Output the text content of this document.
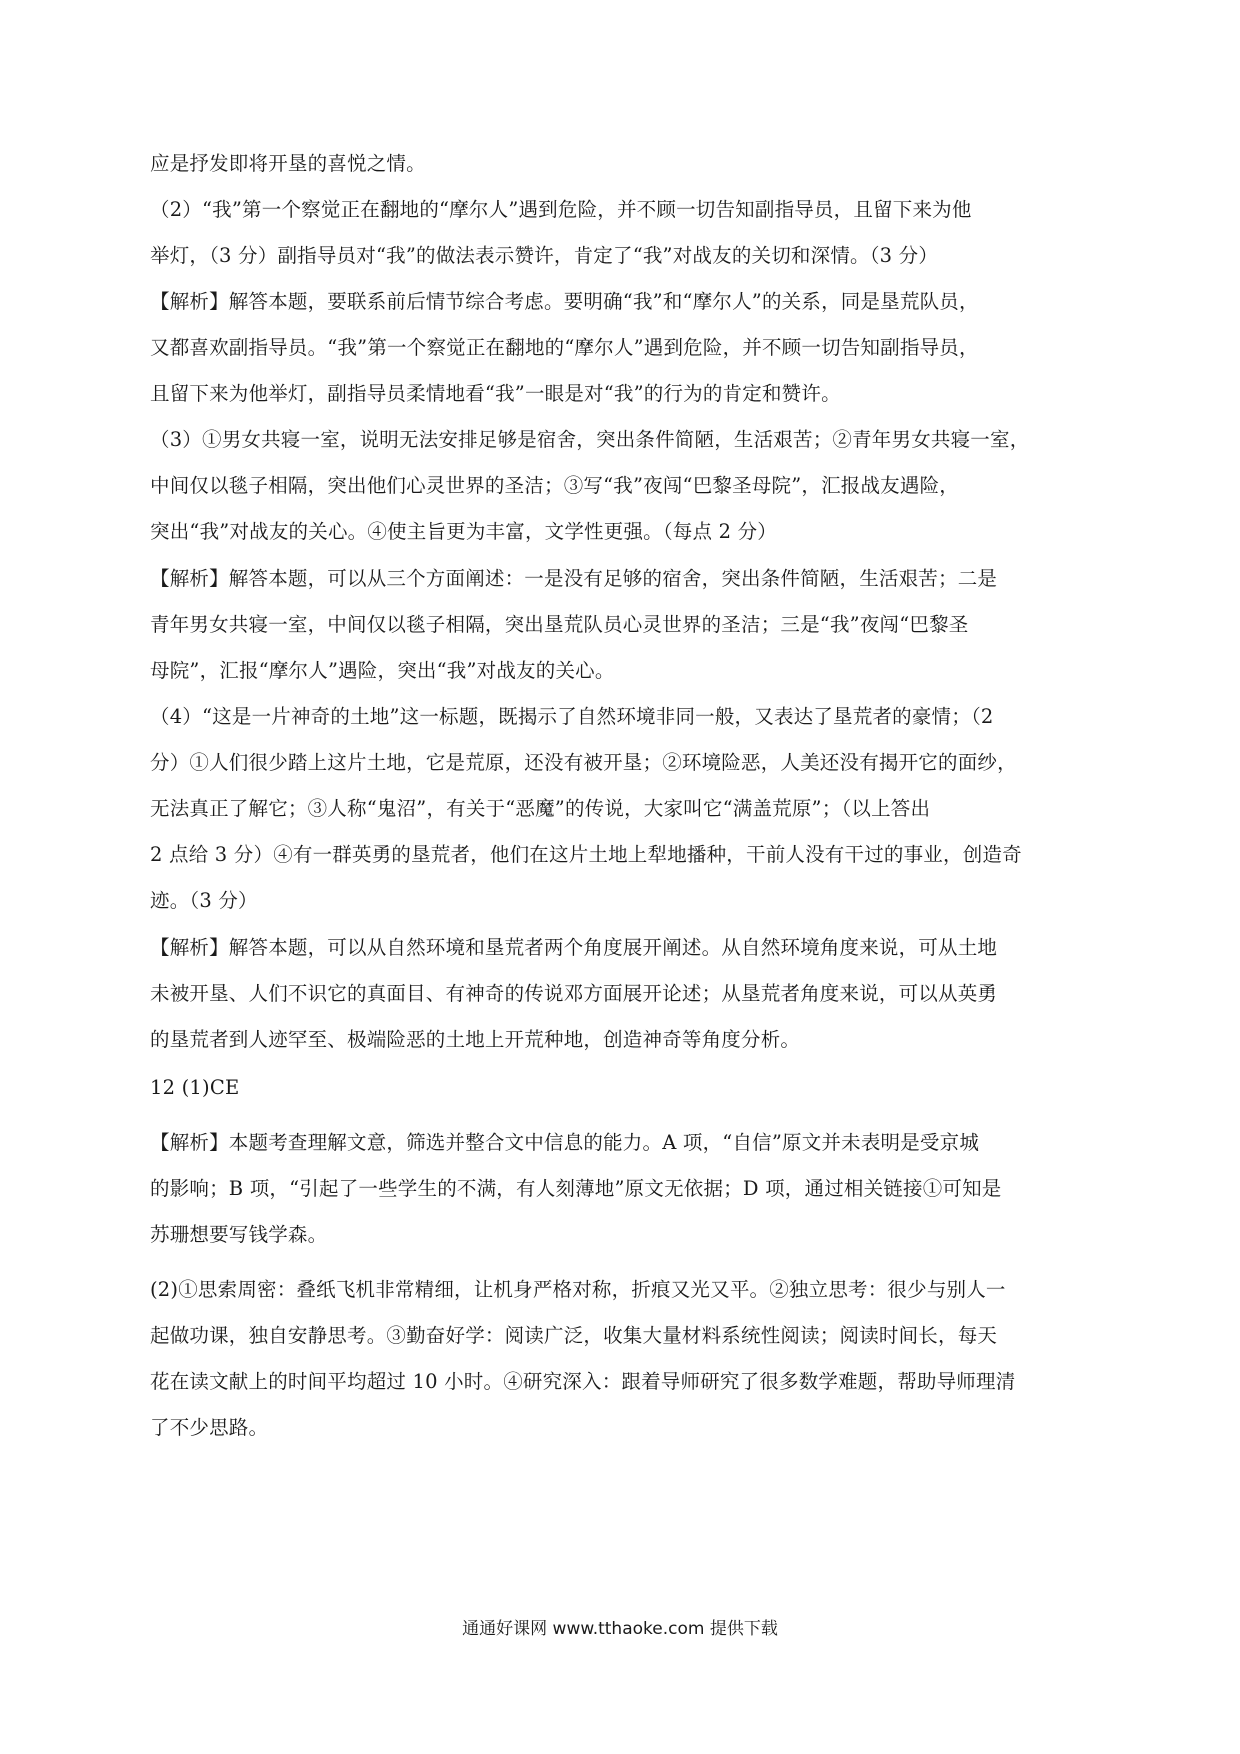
应是抒发即将开垦的喜悦之情。
（2）“我”第一个察觉正在翻地的“摩尔人”遇到危险，并不顾一切告知副指导员，且留下来为他
举灯，（3 分）副指导员对“我”的做法表示赞许，肯定了“我”对战友的关切和深情。（3 分）
【解析】解答本题，要联系前后情节综合考虑。要明确“我”和“摩尔人”的关系，同是垦荒队员，
又都喜欢副指导员。“我”第一个察觉正在翻地的“摩尔人”遇到危险，并不顾一切告知副指导员，
且留下来为他举灯，副指导员柔情地看“我”一眼是对“我”的行为的肯定和赞许。
（3）①男女共寝一室，说明无法安排足够是宿舍，突出条件简陋，生活艰苦；②青年男女共寝一室，
中间仅以毯子相隔，突出他们心灵世界的圣洁；③写“我”夜闯“巴黎圣母院”，汇报战友遇险，
突出“我”对战友的关心。④使主旨更为丰富，文学性更强。（每点 2 分）
【解析】解答本题，可以从三个方面阐述：一是没有足够的宿舍，突出条件简陋，生活艰苦；二是
青年男女共寝一室，中间仅以毯子相隔，突出垦荒队员心灵世界的圣洁；三是“我”夜闯“巴黎圣
母院”，汇报“摩尔人”遇险，突出“我”对战友的关心。
（4）“这是一片神奇的土地”这一标题，既揭示了自然环境非同一般，又表达了垦荒者的豪情；（2
分）①人们很少踏上这片土地，它是荒原，还没有被开垦；②环境险恶，人美还没有揭开它的面纱，
无法真正了解它；③人称“鬼沼”，有关于“恶魔”的传说，大家叫它“满盖荒原”；（以上答出
2 点给 3 分）④有一群英勇的垦荒者，他们在这片土地上犁地播种，干前人没有干过的事业，创造奇
迹。（3 分）
【解析】解答本题，可以从自然环境和垦荒者两个角度展开阐述。从自然环境角度来说，可从土地
未被开垦、人们不识它的真面目、有神奇的传说邓方面展开论述；从垦荒者角度来说，可以从英勇
的垦荒者到人迹罕至、极端险恶的土地上开荒种地，创造神奇等角度分析。
12 (1)CE
【解析】本题考查理解文意，筛选并整合文中信息的能力。A 项，“自信”原文并未表明是受京城
的影响；B 项，“引起了一些学生的不满，有人刻薄地”原文无依据；D 项，通过相关链接①可知是
苏珊想要写钱学森。
(2)①思索周密：叠纸飞机非常精细，让机身严格对称，折痕又光又平。②独立思考：很少与别人一
起做功课，独自安静思考。③勤奋好学：阅读广泛，收集大量材料系统性阅读；阅读时间长，每天
花在读文献上的时间平均超过 10 小时。④研究深入：跟着导师研究了很多数学难题，帮助导师理清
了不少思路。
通通好课网 www.tthaoke.com 提供下载
